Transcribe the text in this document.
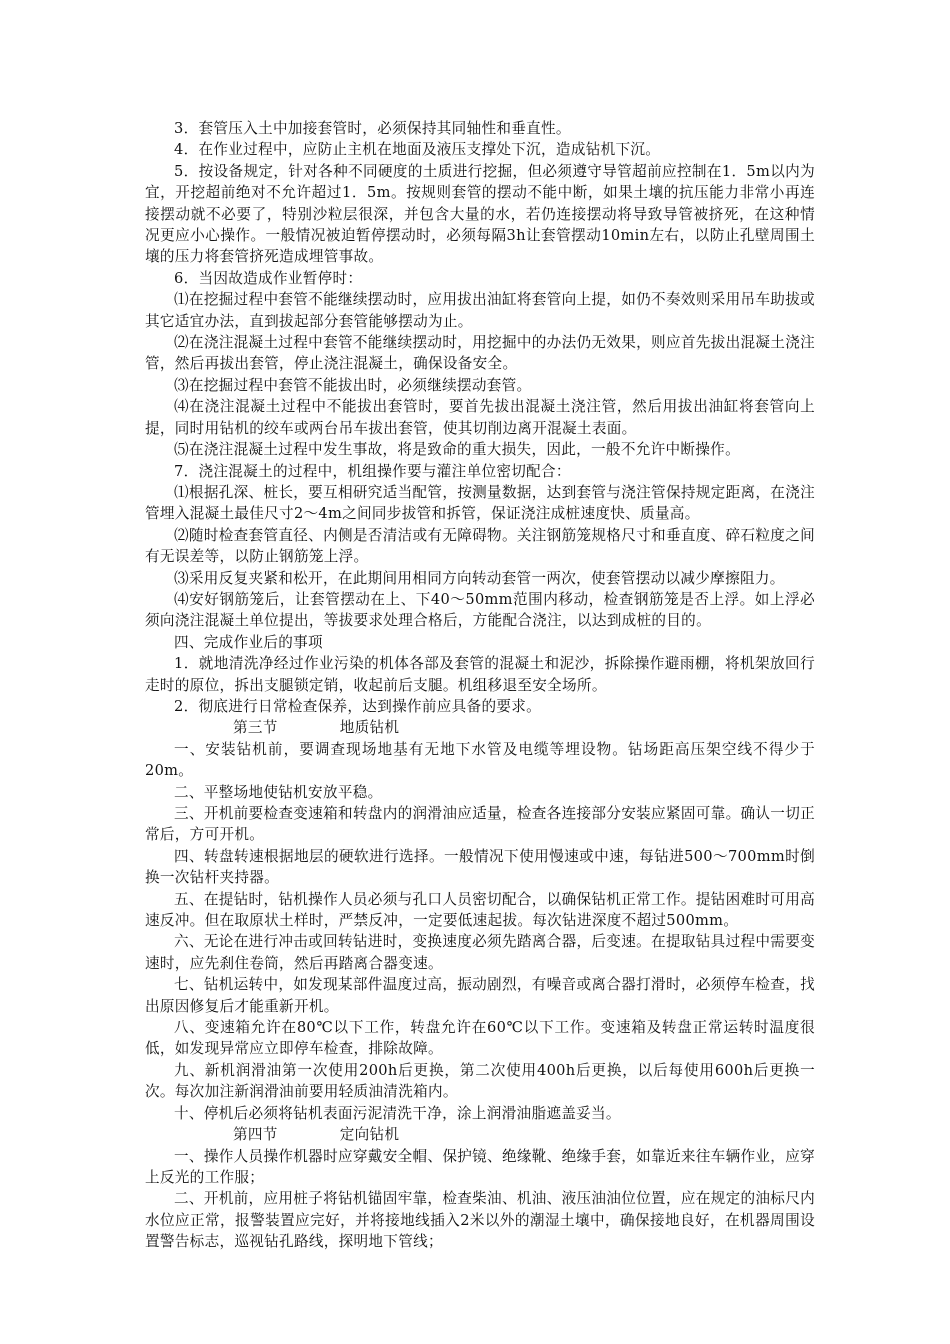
3．套管压入土中加接套管时，必须保持其同轴性和垂直性。

4．在作业过程中，应防止主机在地面及液压支撑处下沉，造成钻机下沉。

5．按设备规定，针对各种不同硬度的土质进行挖掘，但必须遵守导管超前应控制在1．5m以内为宜，开挖超前绝对不允许超过1．5m。按规则套管的摆动不能中断，如果土壤的抗压能力非常小再连接摆动就不必要了，特别沙粒层很深，并包含大量的水，若仍连接摆动将导致导管被挤死，在这种情况更应小心操作。一般情况被迫暂停摆动时，必须每隔3h让套管摆动10min左右，以防止孔壁周围土壤的压力将套管挤死造成埋管事故。

6．当因故造成作业暂停时：

⑴在挖掘过程中套管不能继续摆动时，应用拔出油缸将套管向上提，如仍不奏效则采用吊车助拔或其它适宜办法，直到拔起部分套管能够摆动为止。

⑵在浇注混凝土过程中套管不能继续摆动时，用挖掘中的办法仍无效果，则应首先拔出混凝土浇注管，然后再拔出套管，停止浇注混凝土，确保设备安全。

⑶在挖掘过程中套管不能拔出时，必须继续摆动套管。

⑷在浇注混凝土过程中不能拔出套管时，要首先拔出混凝土浇注管，然后用拔出油缸将套管向上提，同时用钻机的绞车或两台吊车拔出套管，使其切削边离开混凝土表面。

⑸在浇注混凝土过程中发生事故，将是致命的重大损失，因此，一般不允许中断操作。

7．浇注混凝土的过程中，机组操作要与灌注单位密切配合：

⑴根据孔深、桩长，要互相研究适当配管，按测量数据，达到套管与浇注管保持规定距离，在浇注管埋入混凝土最佳尺寸2～4m之间同步拔管和拆管，保证浇注成桩速度快、质量高。

⑵随时检查套管直径、内侧是否清洁或有无障碍物。关注钢筋笼规格尺寸和垂直度、碎石粒度之间有无误差等，以防止钢筋笼上浮。

⑶采用反复夹紧和松开，在此期间用相同方向转动套管一两次，使套管摆动以减少摩擦阻力。

⑷安好钢筋笼后，让套管摆动在上、下40～50mm范围内移动，检查钢筋笼是否上浮。如上浮必须向浇注混凝土单位提出，等拔要求处理合格后，方能配合浇注，以达到成桩的目的。

四、完成作业后的事项

1．就地清洗净经过作业污染的机体各部及套管的混凝土和泥沙，拆除操作避雨棚，将机架放回行走时的原位，拆出支腿锁定销，收起前后支腿。机组移退至安全场所。

2．彻底进行日常检查保养，达到操作前应具备的要求。

第三节	地质钻机

一、安装钻机前，要调查现场地基有无地下水管及电缆等埋设物。钻场距高压架空线不得少于20m。

二、平整场地使钻机安放平稳。

三、开机前要检查变速箱和转盘内的润滑油应适量，检查各连接部分安装应紧固可靠。确认一切正常后，方可开机。

四、转盘转速根据地层的硬软进行选择。一般情况下使用慢速或中速，每钻进500～700mm时倒换一次钻杆夹持器。

五、在提钻时，钻机操作人员必须与孔口人员密切配合，以确保钻机正常工作。提钻困难时可用高速反冲。但在取原状土样时，严禁反冲，一定要低速起拔。每次钻进深度不超过500mm。

六、无论在进行冲击或回转钻进时，变换速度必须先踏离合器，后变速。在提取钻具过程中需要变速时，应先刹住卷筒，然后再踏离合器变速。

七、钻机运转中，如发现某部件温度过高，振动剧烈，有噪音或离合器打滑时，必须停车检查，找出原因修复后才能重新开机。

八、变速箱允许在80℃以下工作，转盘允许在60℃以下工作。变速箱及转盘正常运转时温度很低，如发现异常应立即停车检查，排除故障。

九、新机润滑油第一次使用200h后更换，第二次使用400h后更换，以后每使用600h后更换一次。每次加注新润滑油前要用轻质油清洗箱内。

十、停机后必须将钻机表面污泥清洗干净，涂上润滑油脂遮盖妥当。

第四节	定向钻机

一、操作人员操作机器时应穿戴安全帽、保护镜、绝缘靴、绝缘手套，如靠近来往车辆作业，应穿上反光的工作服；

二、开机前，应用桩子将钻机锚固牢靠，检查柴油、机油、液压油油位位置，应在规定的油标尺内水位应正常，报警装置应完好，并将接地线插入2米以外的潮湿土壤中，确保接地良好，在机器周围设置警告标志，巡视钻孔路线，探明地下管线；
